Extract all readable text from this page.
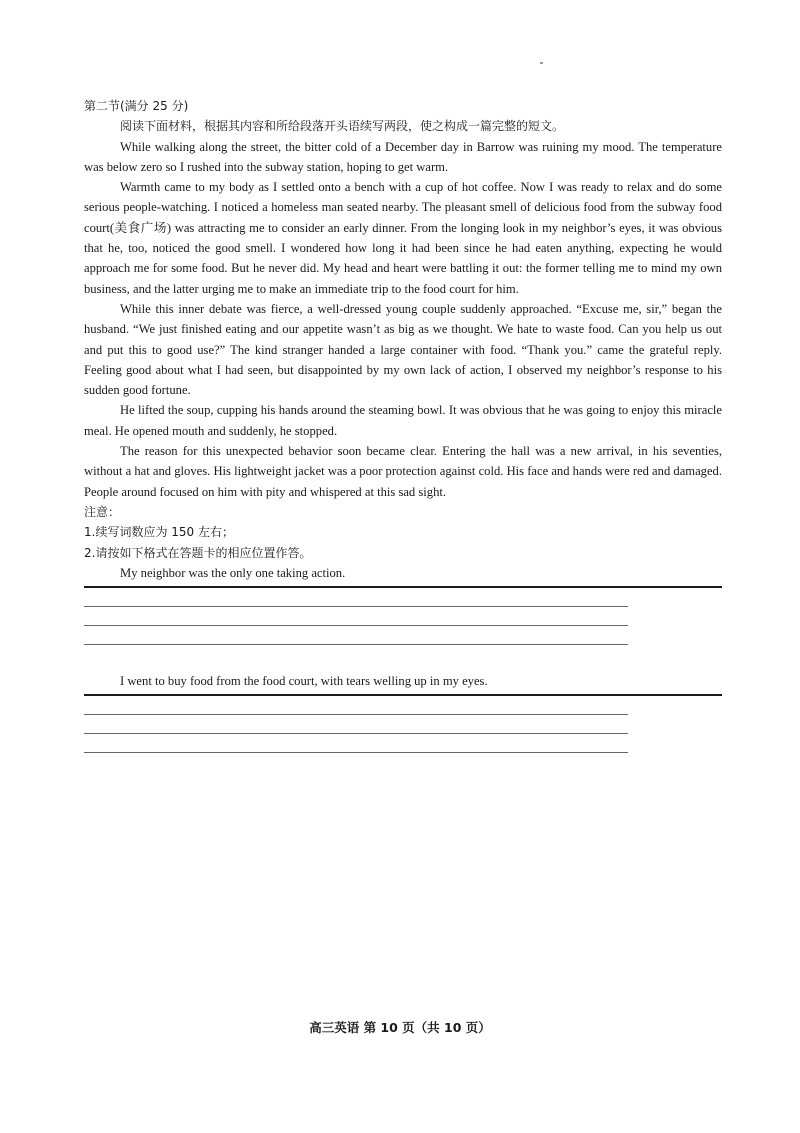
第二节(满分 25 分)

阅读下面材料，根据其内容和所给段落开头语续写两段，使之构成一篇完整的短文。

While walking along the street, the bitter cold of a December day in Barrow was ruining my mood. The temperature was below zero so I rushed into the subway station, hoping to get warm.

Warmth came to my body as I settled onto a bench with a cup of hot coffee. Now I was ready to relax and do some serious people-watching. I noticed a homeless man seated nearby. The pleasant smell of delicious food from the subway food court(美食广场) was attracting me to consider an early dinner. From the longing look in my neighbor’s eyes, it was obvious that he, too, noticed the good smell. I wondered how long it had been since he had eaten anything, expecting he would approach me for some food. But he never did. My head and heart were battling it out: the former telling me to mind my own business, and the latter urging me to make an immediate trip to the food court for him.

While this inner debate was fierce, a well-dressed young couple suddenly approached. “Excuse me, sir,” began the husband. “We just finished eating and our appetite wasn’t as big as we thought. We hate to waste food. Can you help us out and put this to good use?” The kind stranger handed a large container with food. “Thank you.” came the grateful reply. Feeling good about what I had seen, but disappointed by my own lack of action, I observed my neighbor’s response to his sudden good fortune.

He lifted the soup, cupping his hands around the steaming bowl. It was obvious that he was going to enjoy this miracle meal. He opened mouth and suddenly, he stopped.

The reason for this unexpected behavior soon became clear. Entering the hall was a new arrival, in his seventies, without a hat and gloves. His lightweight jacket was a poor protection against cold. His face and hands were red and damaged. People around focused on him with pity and whispered at this sad sight.

注意：

1.续写词数应为 150 左右；

2.请按如下格式在答题卡的相应位置作答。

My neighbor was the only one taking action.

I went to buy food from the food court, with tears welling up in my eyes.

高三英语 第 10 页（共 10 页）
